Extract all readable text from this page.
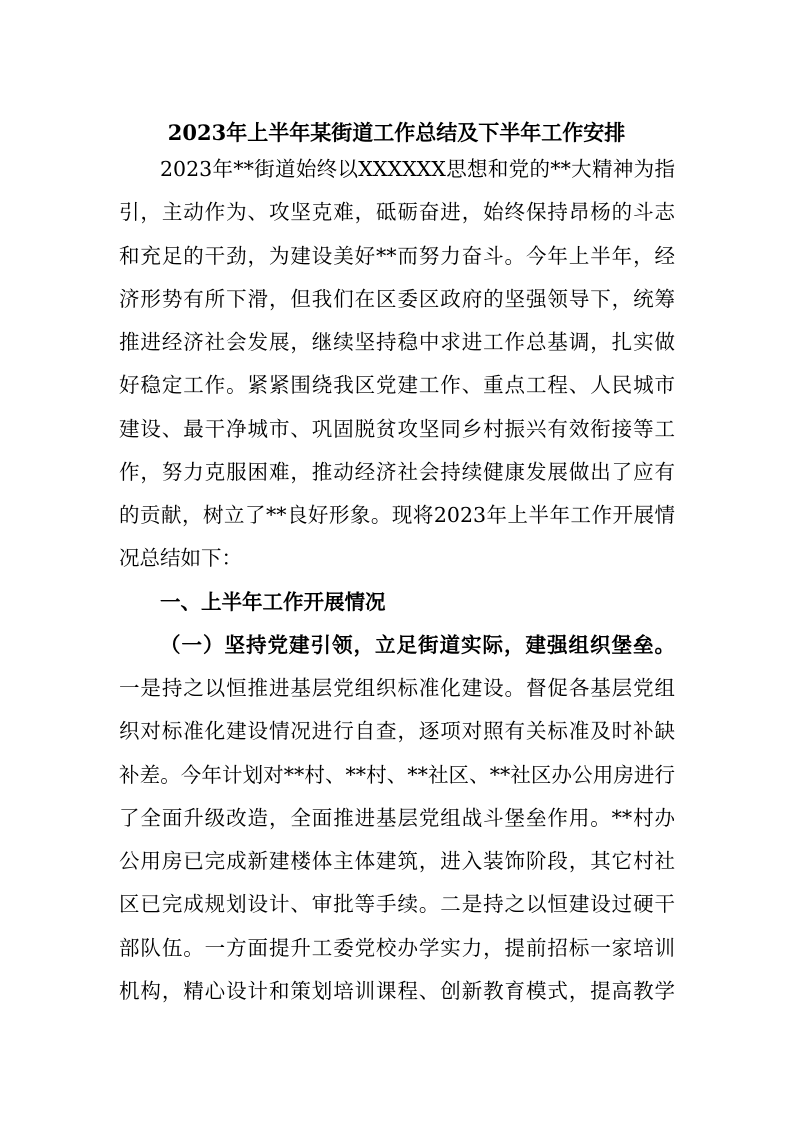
2023年上半年某街道工作总结及下半年工作安排
2023年**街道始终以XXXXXX思想和党的**大精神为指
引，主动作为、攻坚克难，砥砺奋进，始终保持昂杨的斗志
和充足的干劲，为建设美好**而努力奋斗。今年上半年，经
济形势有所下滑，但我们在区委区政府的坚强领导下，统筹
推进经济社会发展，继续坚持稳中求进工作总基调，扎实做
好稳定工作。紧紧围绕我区党建工作、重点工程、人民城市
建设、最干净城市、巩固脱贫攻坚同乡村振兴有效衔接等工
作，努力克服困难，推动经济社会持续健康发展做出了应有
的贡献，树立了**良好形象。现将2023年上半年工作开展情
况总结如下：
一、上半年工作开展情况
（一）坚持党建引领，立足街道实际，建强组织堡垒。
一是持之以恒推进基层党组织标准化建设。督促各基层党组
织对标准化建设情况进行自查，逐项对照有关标准及时补缺
补差。今年计划对**村、**村、**社区、**社区办公用房进行
了全面升级改造，全面推进基层党组战斗堡垒作用。**村办
公用房已完成新建楼体主体建筑，进入装饰阶段，其它村社
区已完成规划设计、审批等手续。二是持之以恒建设过硬干
部队伍。一方面提升工委党校办学实力，提前招标一家培训
机构，精心设计和策划培训课程、创新教育模式，提高教学
